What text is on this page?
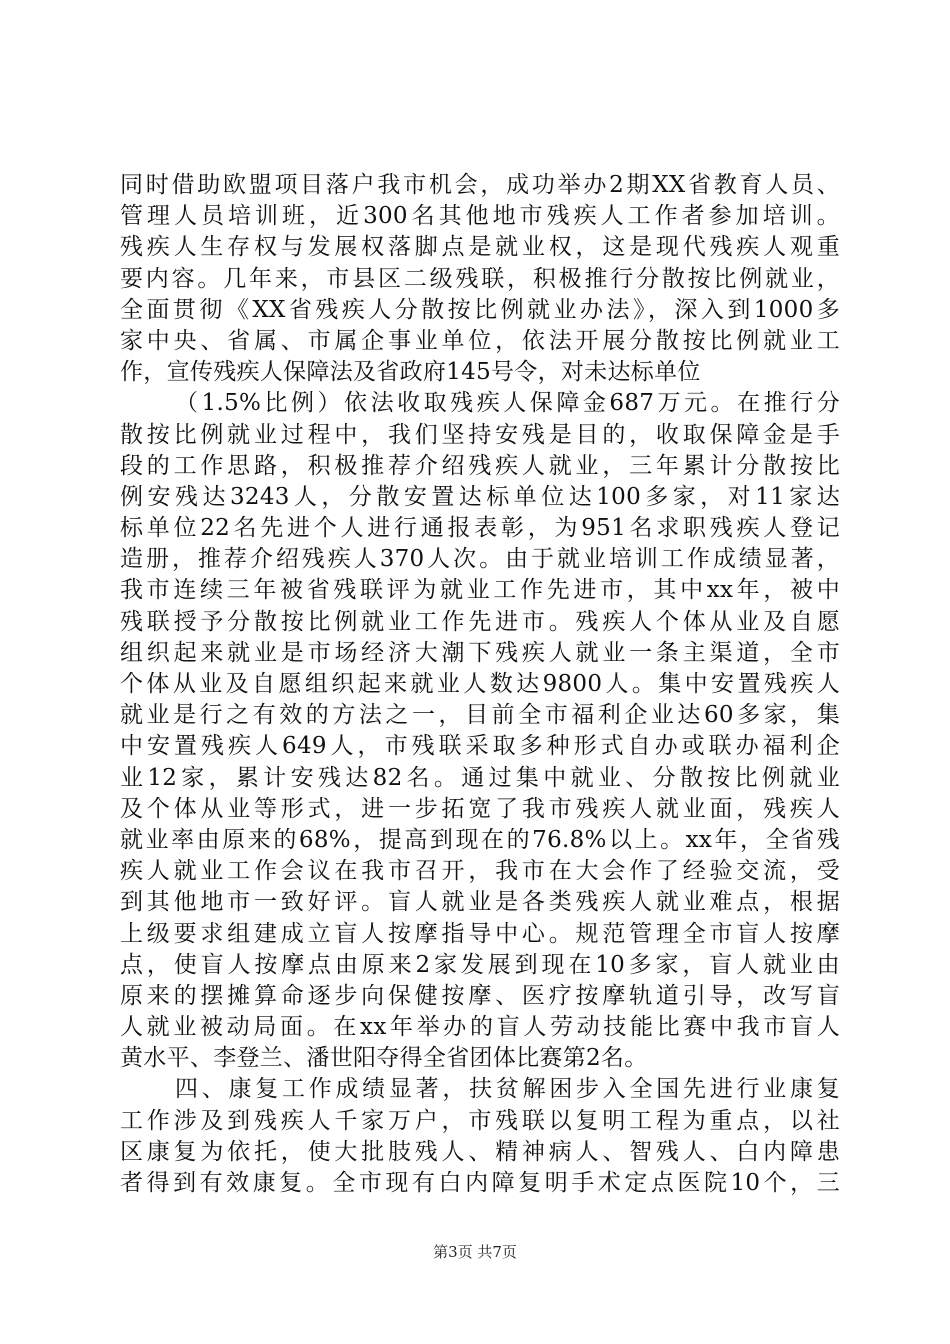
同时借助欧盟项目落户我市机会，成功举办2期XX省教育人员、
管理人员培训班，近300名其他地市残疾人工作者参加培训。
残疾人生存权与发展权落脚点是就业权，这是现代残疾人观重
要内容。几年来，市县区二级残联，积极推行分散按比例就业，
全面贯彻《XX省残疾人分散按比例就业办法》，深入到1000多
家中央、省属、市属企事业单位，依法开展分散按比例就业工
作，宣传残疾人保障法及省政府145号令，对未达标单位
（1.5%比例）依法收取残疾人保障金687万元。在推行分
散按比例就业过程中，我们坚持安残是目的，收取保障金是手
段的工作思路，积极推荐介绍残疾人就业，三年累计分散按比
例安残达3243人，分散安置达标单位达100多家，对11家达
标单位22名先进个人进行通报表彰，为951名求职残疾人登记
造册，推荐介绍残疾人370人次。由于就业培训工作成绩显著，
我市连续三年被省残联评为就业工作先进市，其中xx年，被中
残联授予分散按比例就业工作先进市。残疾人个体从业及自愿
组织起来就业是市场经济大潮下残疾人就业一条主渠道，全市
个体从业及自愿组织起来就业人数达9800人。集中安置残疾人
就业是行之有效的方法之一，目前全市福利企业达60多家，集
中安置残疾人649人，市残联采取多种形式自办或联办福利企
业12家，累计安残达82名。通过集中就业、分散按比例就业
及个体从业等形式，进一步拓宽了我市残疾人就业面，残疾人
就业率由原来的68%，提高到现在的76.8%以上。xx年，全省残
疾人就业工作会议在我市召开，我市在大会作了经验交流，受
到其他地市一致好评。盲人就业是各类残疾人就业难点，根据
上级要求组建成立盲人按摩指导中心。规范管理全市盲人按摩
点，使盲人按摩点由原来2家发展到现在10多家，盲人就业由
原来的摆摊算命逐步向保健按摩、医疗按摩轨道引导，改写盲
人就业被动局面。在xx年举办的盲人劳动技能比赛中我市盲人
黄水平、李登兰、潘世阳夺得全省团体比赛第2名。
四、康复工作成绩显著，扶贫解困步入全国先进行业康复
工作涉及到残疾人千家万户，市残联以复明工程为重点，以社
区康复为依托，使大批肢残人、精神病人、智残人、白内障患
者得到有效康复。全市现有白内障复明手术定点医院10个，三
第3页 共7页
